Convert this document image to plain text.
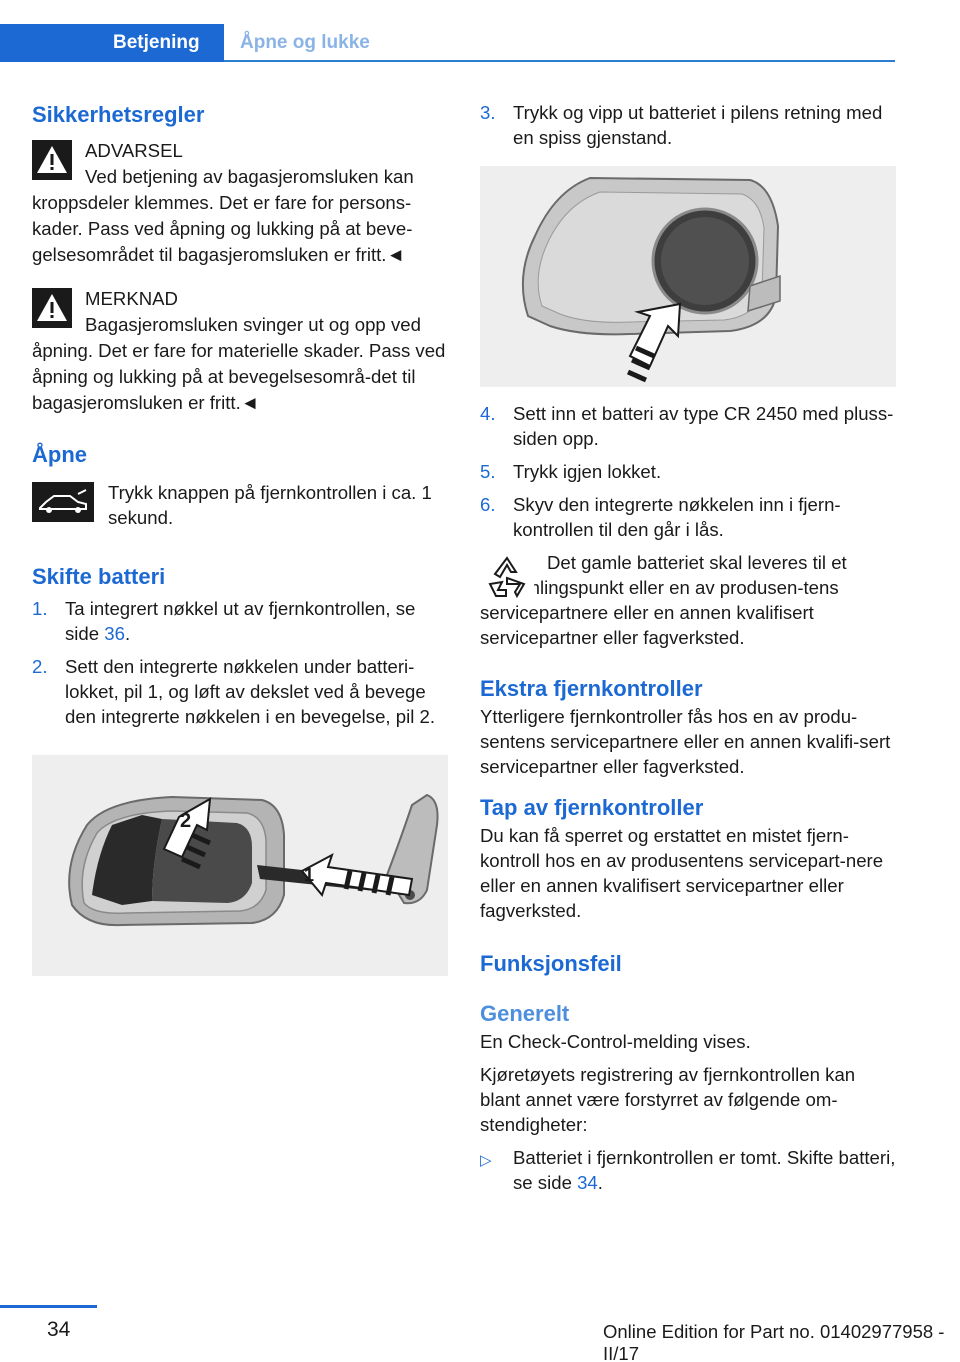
Betjening	Åpne og lukke
Sikkerhetsregler
ADVARSEL
Ved betjening av bagasjeromsluken kan kroppsdeler klemmes. Det er fare for persons-kader. Pass ved åpning og lukking på at beve-gelsesområdet til bagasjeromsluken er fritt.◄
MERKNAD
Bagasjeromsluken svinger ut og opp ved åpning. Det er fare for materielle skader. Pass ved åpning og lukking på at bevegelsesområ-det til bagasjeromsluken er fritt.◄
Åpne
Trykk knappen på fjernkontrollen i ca. 1 sekund.
Skifte batteri
1. Ta integrert nøkkel ut av fjernkontrollen, se side 36.
2. Sett den integrerte nøkkelen under batteri-lokket, pil 1, og løft av dekslet ved å bevege den integrerte nøkkelen i en bevegelse, pil 2.
2
1
3. Trykk og vipp ut batteriet i pilens retning med en spiss gjenstand.
4. Sett inn et batteri av type CR 2450 med pluss-siden opp.
5. Trykk igjen lokket.
6. Skyv den integrerte nøkkelen inn i fjern-kontrollen til den går i lås.
Det gamle batteriet skal leveres til et innsamlingspunkt eller en av produsen-tens servicepartnere eller en annen kvalifisert servicepartner eller fagverksted.
Ekstra fjernkontroller

Ytterligere fjernkontroller fås hos en av produ-sentens servicepartnere eller en annen kvalifi-sert servicepartner eller fagverksted.

Tap av fjernkontroller

Du kan få sperret og erstattet en mistet fjern-kontroll hos en av produsentens servicepart-nere eller en annen kvalifisert servicepartner eller fagverksted.

Funksjonsfeil
Generelt

En Check-Control-melding vises.

Kjøretøyets registrering av fjernkontrollen kan blant annet være forstyrret av følgende om-stendigheter:

▷ Batteriet i fjernkontrollen er tomt. Skifte batteri, se side 34.
34	Online Edition for Part no. 01402977958 - II/17
